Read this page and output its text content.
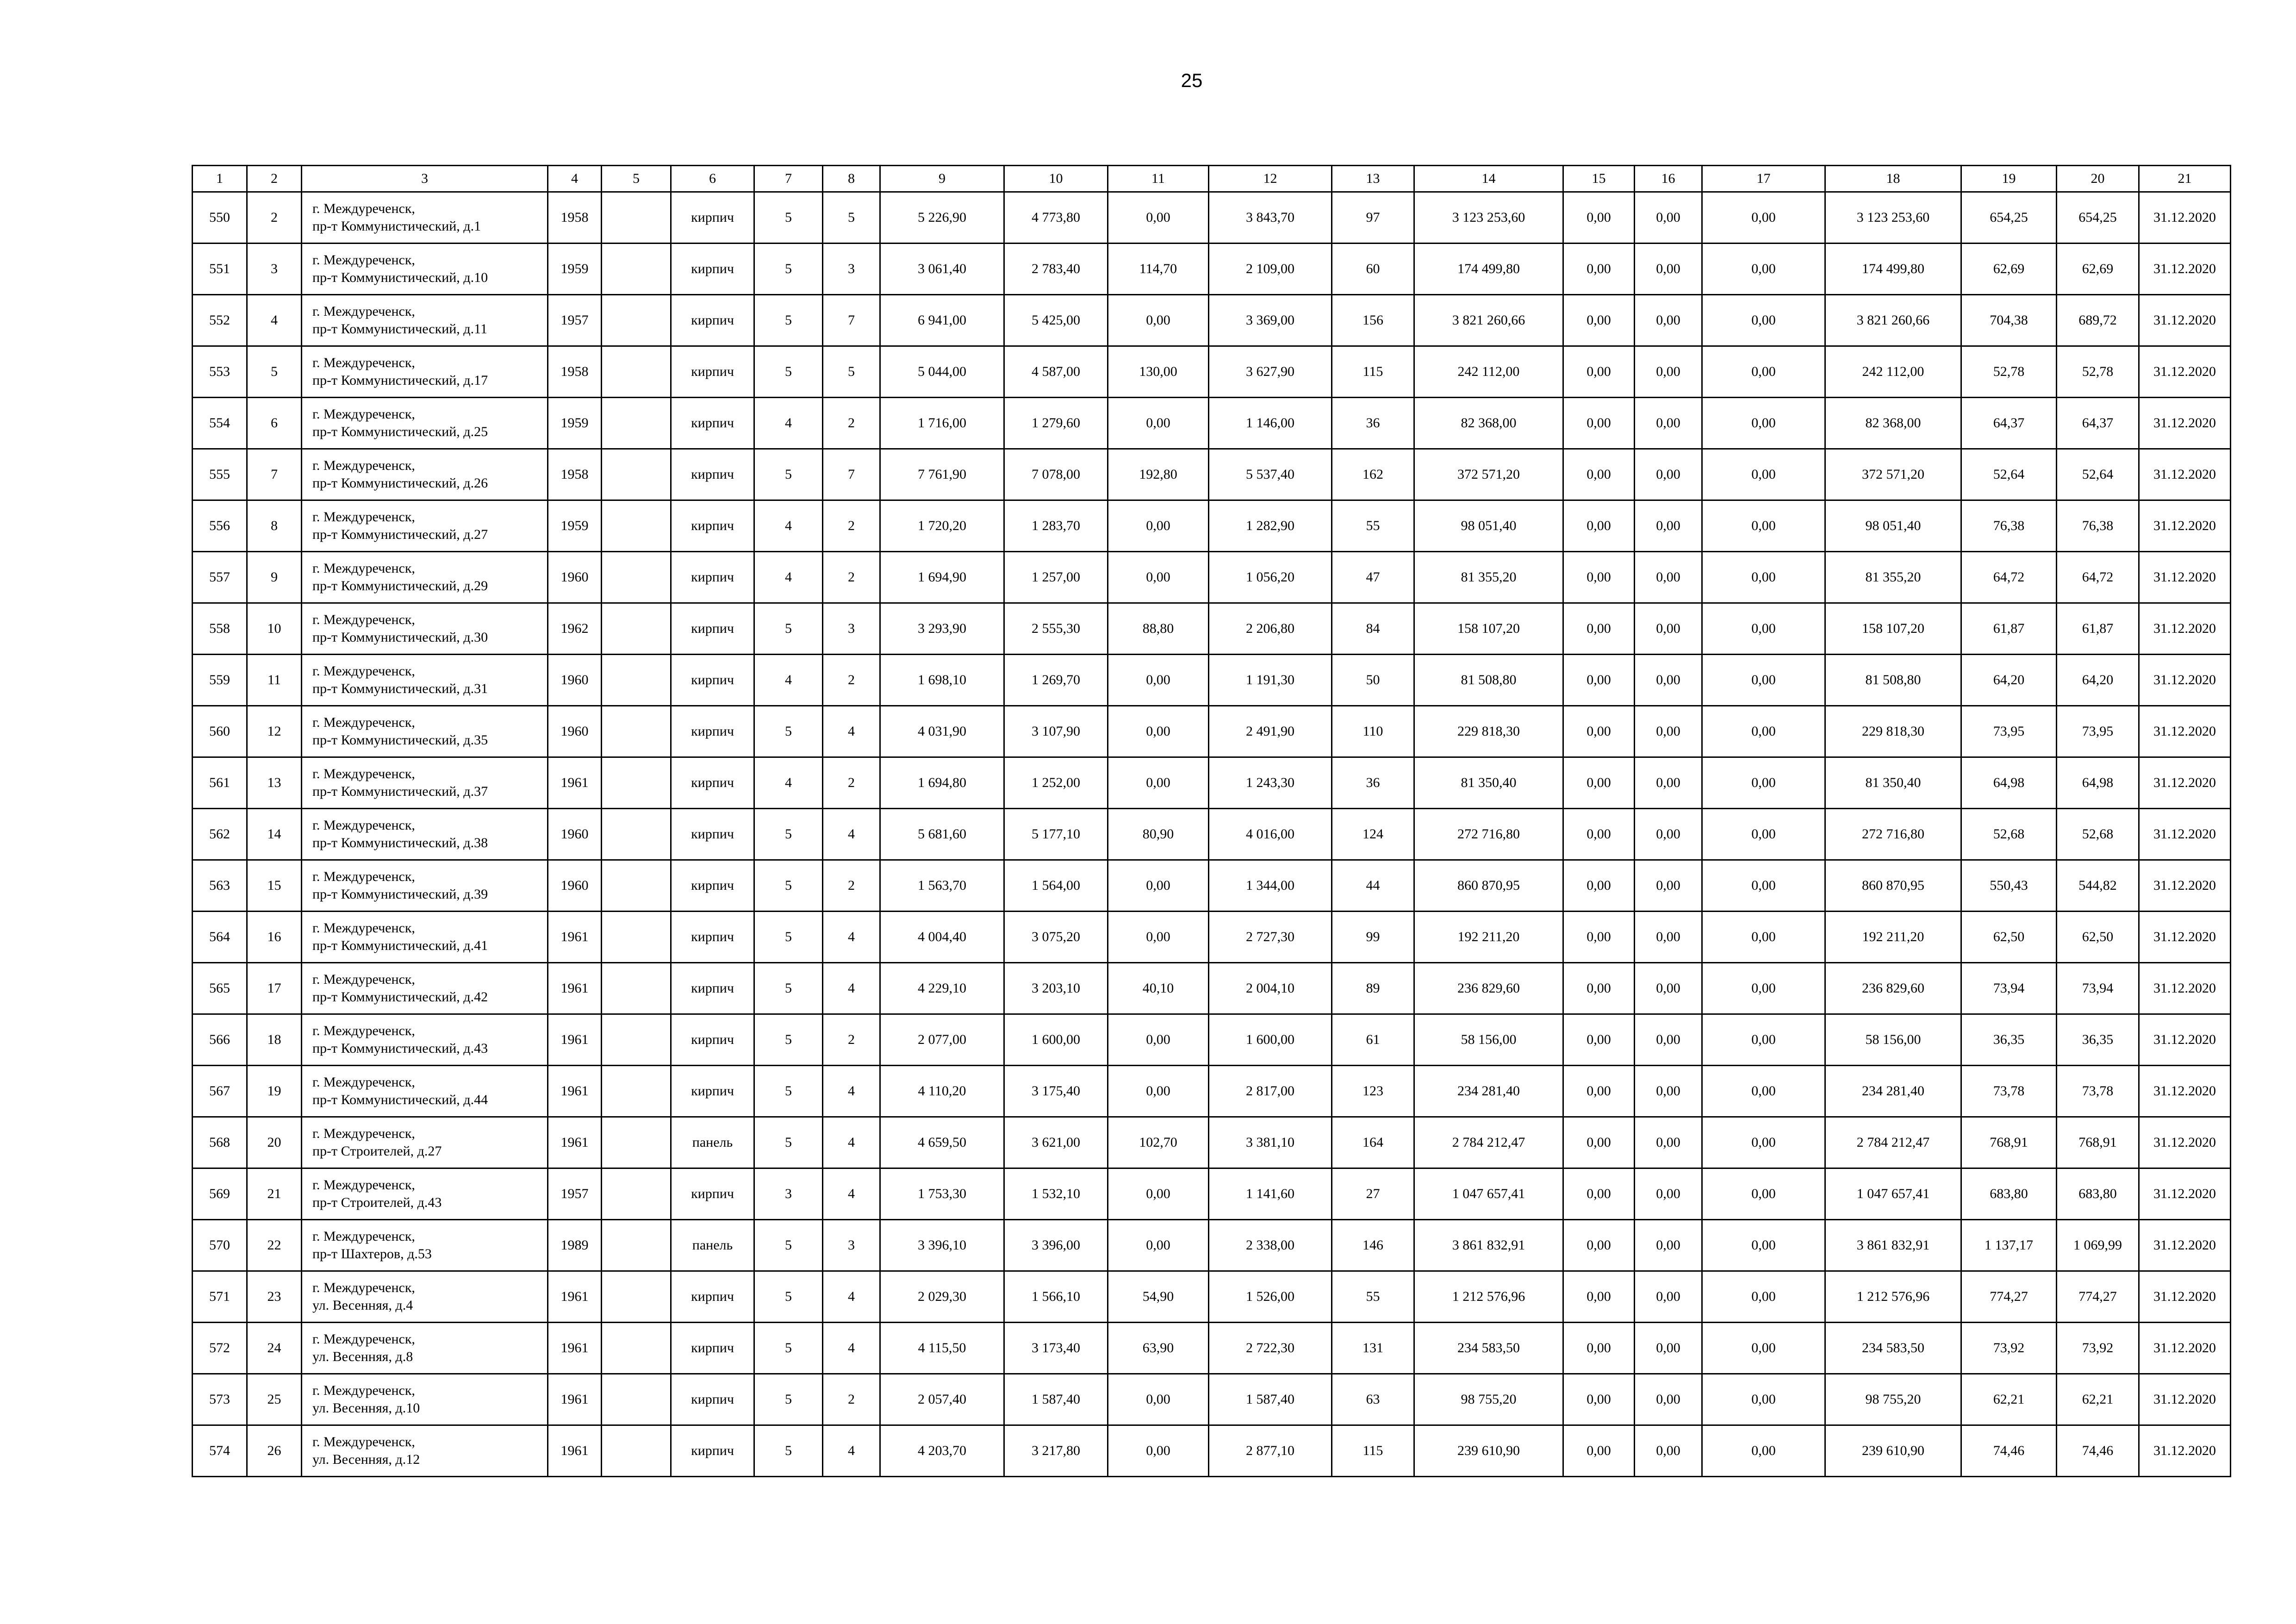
25
1	2	3	4	5	6	7	8	9	10	11	12	13	14	15	16	17	18	19	20	21
550	2	г. Междуреченск,
пр-т Коммунистический, д.1	1958		кирпич	5	5	5 226,90	4 773,80	0,00	3 843,70	97	3 123 253,60	0,00	0,00	0,00	3 123 253,60	654,25	654,25	31.12.2020
551	3	г. Междуреченск,
пр-т Коммунистический, д.10	1959		кирпич	5	3	3 061,40	2 783,40	114,70	2 109,00	60	174 499,80	0,00	0,00	0,00	174 499,80	62,69	62,69	31.12.2020
552	4	г. Междуреченск,
пр-т Коммунистический, д.11	1957		кирпич	5	7	6 941,00	5 425,00	0,00	3 369,00	156	3 821 260,66	0,00	0,00	0,00	3 821 260,66	704,38	689,72	31.12.2020
553	5	г. Междуреченск,
пр-т Коммунистический, д.17	1958		кирпич	5	5	5 044,00	4 587,00	130,00	3 627,90	115	242 112,00	0,00	0,00	0,00	242 112,00	52,78	52,78	31.12.2020
554	6	г. Междуреченск,
пр-т Коммунистический, д.25	1959		кирпич	4	2	1 716,00	1 279,60	0,00	1 146,00	36	82 368,00	0,00	0,00	0,00	82 368,00	64,37	64,37	31.12.2020
555	7	г. Междуреченск,
пр-т Коммунистический, д.26	1958		кирпич	5	7	7 761,90	7 078,00	192,80	5 537,40	162	372 571,20	0,00	0,00	0,00	372 571,20	52,64	52,64	31.12.2020
556	8	г. Междуреченск,
пр-т Коммунистический, д.27	1959		кирпич	4	2	1 720,20	1 283,70	0,00	1 282,90	55	98 051,40	0,00	0,00	0,00	98 051,40	76,38	76,38	31.12.2020
557	9	г. Междуреченск,
пр-т Коммунистический, д.29	1960		кирпич	4	2	1 694,90	1 257,00	0,00	1 056,20	47	81 355,20	0,00	0,00	0,00	81 355,20	64,72	64,72	31.12.2020
558	10	г. Междуреченск,
пр-т Коммунистический, д.30	1962		кирпич	5	3	3 293,90	2 555,30	88,80	2 206,80	84	158 107,20	0,00	0,00	0,00	158 107,20	61,87	61,87	31.12.2020
559	11	г. Междуреченск,
пр-т Коммунистический, д.31	1960		кирпич	4	2	1 698,10	1 269,70	0,00	1 191,30	50	81 508,80	0,00	0,00	0,00	81 508,80	64,20	64,20	31.12.2020
560	12	г. Междуреченск,
пр-т Коммунистический, д.35	1960		кирпич	5	4	4 031,90	3 107,90	0,00	2 491,90	110	229 818,30	0,00	0,00	0,00	229 818,30	73,95	73,95	31.12.2020
561	13	г. Междуреченск,
пр-т Коммунистический, д.37	1961		кирпич	4	2	1 694,80	1 252,00	0,00	1 243,30	36	81 350,40	0,00	0,00	0,00	81 350,40	64,98	64,98	31.12.2020
562	14	г. Междуреченск,
пр-т Коммунистический, д.38	1960		кирпич	5	4	5 681,60	5 177,10	80,90	4 016,00	124	272 716,80	0,00	0,00	0,00	272 716,80	52,68	52,68	31.12.2020
563	15	г. Междуреченск,
пр-т Коммунистический, д.39	1960		кирпич	5	2	1 563,70	1 564,00	0,00	1 344,00	44	860 870,95	0,00	0,00	0,00	860 870,95	550,43	544,82	31.12.2020
564	16	г. Междуреченск,
пр-т Коммунистический, д.41	1961		кирпич	5	4	4 004,40	3 075,20	0,00	2 727,30	99	192 211,20	0,00	0,00	0,00	192 211,20	62,50	62,50	31.12.2020
565	17	г. Междуреченск,
пр-т Коммунистический, д.42	1961		кирпич	5	4	4 229,10	3 203,10	40,10	2 004,10	89	236 829,60	0,00	0,00	0,00	236 829,60	73,94	73,94	31.12.2020
566	18	г. Междуреченск,
пр-т Коммунистический, д.43	1961		кирпич	5	2	2 077,00	1 600,00	0,00	1 600,00	61	58 156,00	0,00	0,00	0,00	58 156,00	36,35	36,35	31.12.2020
567	19	г. Междуреченск,
пр-т Коммунистический, д.44	1961		кирпич	5	4	4 110,20	3 175,40	0,00	2 817,00	123	234 281,40	0,00	0,00	0,00	234 281,40	73,78	73,78	31.12.2020
568	20	г. Междуреченск,
пр-т Строителей, д.27	1961		панель	5	4	4 659,50	3 621,00	102,70	3 381,10	164	2 784 212,47	0,00	0,00	0,00	2 784 212,47	768,91	768,91	31.12.2020
569	21	г. Междуреченск,
пр-т Строителей, д.43	1957		кирпич	3	4	1 753,30	1 532,10	0,00	1 141,60	27	1 047 657,41	0,00	0,00	0,00	1 047 657,41	683,80	683,80	31.12.2020
570	22	г. Междуреченск,
пр-т Шахтеров, д.53	1989		панель	5	3	3 396,10	3 396,00	0,00	2 338,00	146	3 861 832,91	0,00	0,00	0,00	3 861 832,91	1 137,17	1 069,99	31.12.2020
571	23	г. Междуреченск,
ул. Весенняя, д.4	1961		кирпич	5	4	2 029,30	1 566,10	54,90	1 526,00	55	1 212 576,96	0,00	0,00	0,00	1 212 576,96	774,27	774,27	31.12.2020
572	24	г. Междуреченск,
ул. Весенняя, д.8	1961		кирпич	5	4	4 115,50	3 173,40	63,90	2 722,30	131	234 583,50	0,00	0,00	0,00	234 583,50	73,92	73,92	31.12.2020
573	25	г. Междуреченск,
ул. Весенняя, д.10	1961		кирпич	5	2	2 057,40	1 587,40	0,00	1 587,40	63	98 755,20	0,00	0,00	0,00	98 755,20	62,21	62,21	31.12.2020
574	26	г. Междуреченск,
ул. Весенняя, д.12	1961		кирпич	5	4	4 203,70	3 217,80	0,00	2 877,10	115	239 610,90	0,00	0,00	0,00	239 610,90	74,46	74,46	31.12.2020
